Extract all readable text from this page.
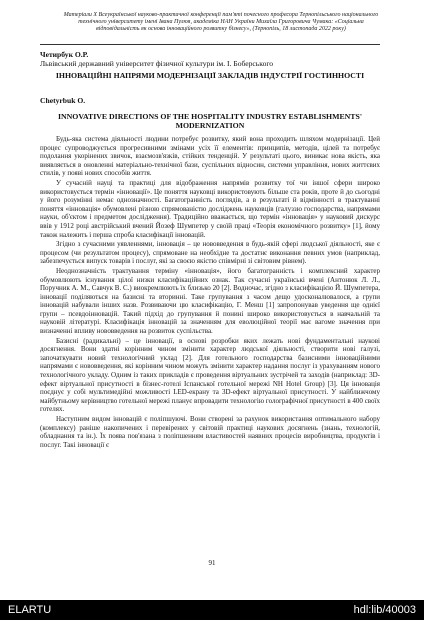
Матеріали Х Всеукраїнської науково-практичної конференції пам'яті почесного професора Тернопільського національного технічного університету імені Івана Пулюя, академіка НАН України Михаїла Григоровича Чумака: «Соціальна відповідальність як основа інноваційного розвитку бізнесу», (Тернопіль, 18 листопада 2022 року)
Четирбук О.Р.
Львівський державний університет фізичної культури ім. І. Боберського
ІННОВАЦІЙНІ НАПРЯМИ МОДЕРНІЗАЦІЇ ЗАКЛАДІВ ІНДУСТРІЇ ГОСТИННОСТІ
Chetyrbuk O.
INNOVATIVE DIRECTIONS OF THE HOSPITALITY INDUSTRY ESTABLISHMENTS' MODERNIZATION

Будь-яка система діяльності людини потребує розвитку, який вона проходить шляхом модернізації. Цей процес супроводжується прогресивними змінами усіх її елементів: принципів, методів, цілей та потребує подолання укорінених звичок, взаємозв'язків, стійких тенденцій. У результаті цього, виникає нова якість, яка виявляється в оновленні матеріально-технічної бази, суспільних відносин, системи управління, нових життєвих стилів, у появі нових способів життя.

У сучасній науці та практиці для відображення напрямів розвитку тої чи іншої сфери широко використовується термін «інновації». Це поняття науковці використовують більше ста років, проте й до сьогодні у його розумінні немає однозначності. Багатогранність поглядів, а в результаті й відмінності в трактуванні поняття «інновація» обумовлені різною спрямованістю досліджень науковців (галуззю господарства, напрямами науки, об'єктом і предметом дослідження). Традиційно вважається, що термін «інновація» у науковий дискурс ввів у 1912 році австрійський вчений Йозеф Шумпетер у своїй праці «Теорія економічного розвитку» [1], йому також належить і перша спроба класифікації інновацій.

Згідно з сучасними уявленнями, інновація – це нововведення в будь-якій сфері людської діяльності, яке є процесом (чи результатом процесу), спрямоване на необхідне та достатнє виконання певних умов (наприклад, забезпечується випуск товарів і послуг, які за своєю якістю співмірні зі світовим рівнем).

Неоднозначність трактування терміну «інновація», його багатогранність і комплексний характер обумовлюють існування цілої низки класифікаційних ознак. Так сучасні українські вчені (Антонюк Л. Л., Поручник А. М., Савчук В. С.) виокремлюють їх близько 20 [2]. Водночас, згідно з класифікацією Й. Шумпетера, інновації поділяються на базисні та вторинні. Таке групування з часом дещо удосконалювалося, а групи інновацій набували інших назв. Розвиваючи цю класифікацію, Г. Менш [1] запропонував уведення ще однієї групи – псевдоінновацій. Такий підхід до групування й понині широко використовується в навчальній та науковій літературі. Класифікація інновацій за значенням для еволюційної теорії має вагоме значення при визначенні впливу нововведення на розвиток суспільства.

Базисні (радикальні) – це інновації, в основі розробки яких лежать нові фундаментальні наукові досягнення. Вони здатні корінним чином змінити характер людської діяльності, створити нові галузі, започаткувати новий технологічний уклад [2]. Для готельного господарства базисними інноваційними напрямами є нововведення, які корінним чином можуть змінити характер надання послуг із урахуванням нового технологічного укладу. Одним із таких прикладів є проведення віртуальних зустрічей та заходів (наприклад: 3D-ефект віртуальної присутності в бізнес-готелі Іспанської готельної мережі NH Hotel Group) [3]. Ця інновація поєднує у собі мультимедійні можливості LED-екрану та 3D-ефект віртуальної присутності. У найближчому майбутньому керівництво готельної мережі планує впровадити технологію голографічної присутності в 400 своїх готелях.

Наступним видом інновацій є поліпшуючі. Вони створені за рахунок використання оптимального набору (комплексу) раніше накопичених і перевірених у світовій практиці наукових досягнень (знань, технологій, обладнання та ін.). Їх поява пов'язана з поліпшенням властивостей наявних процесів виробництва, продуктів і послуг. Такі інновації є

91
ELARTU	hdl:lib/40003
